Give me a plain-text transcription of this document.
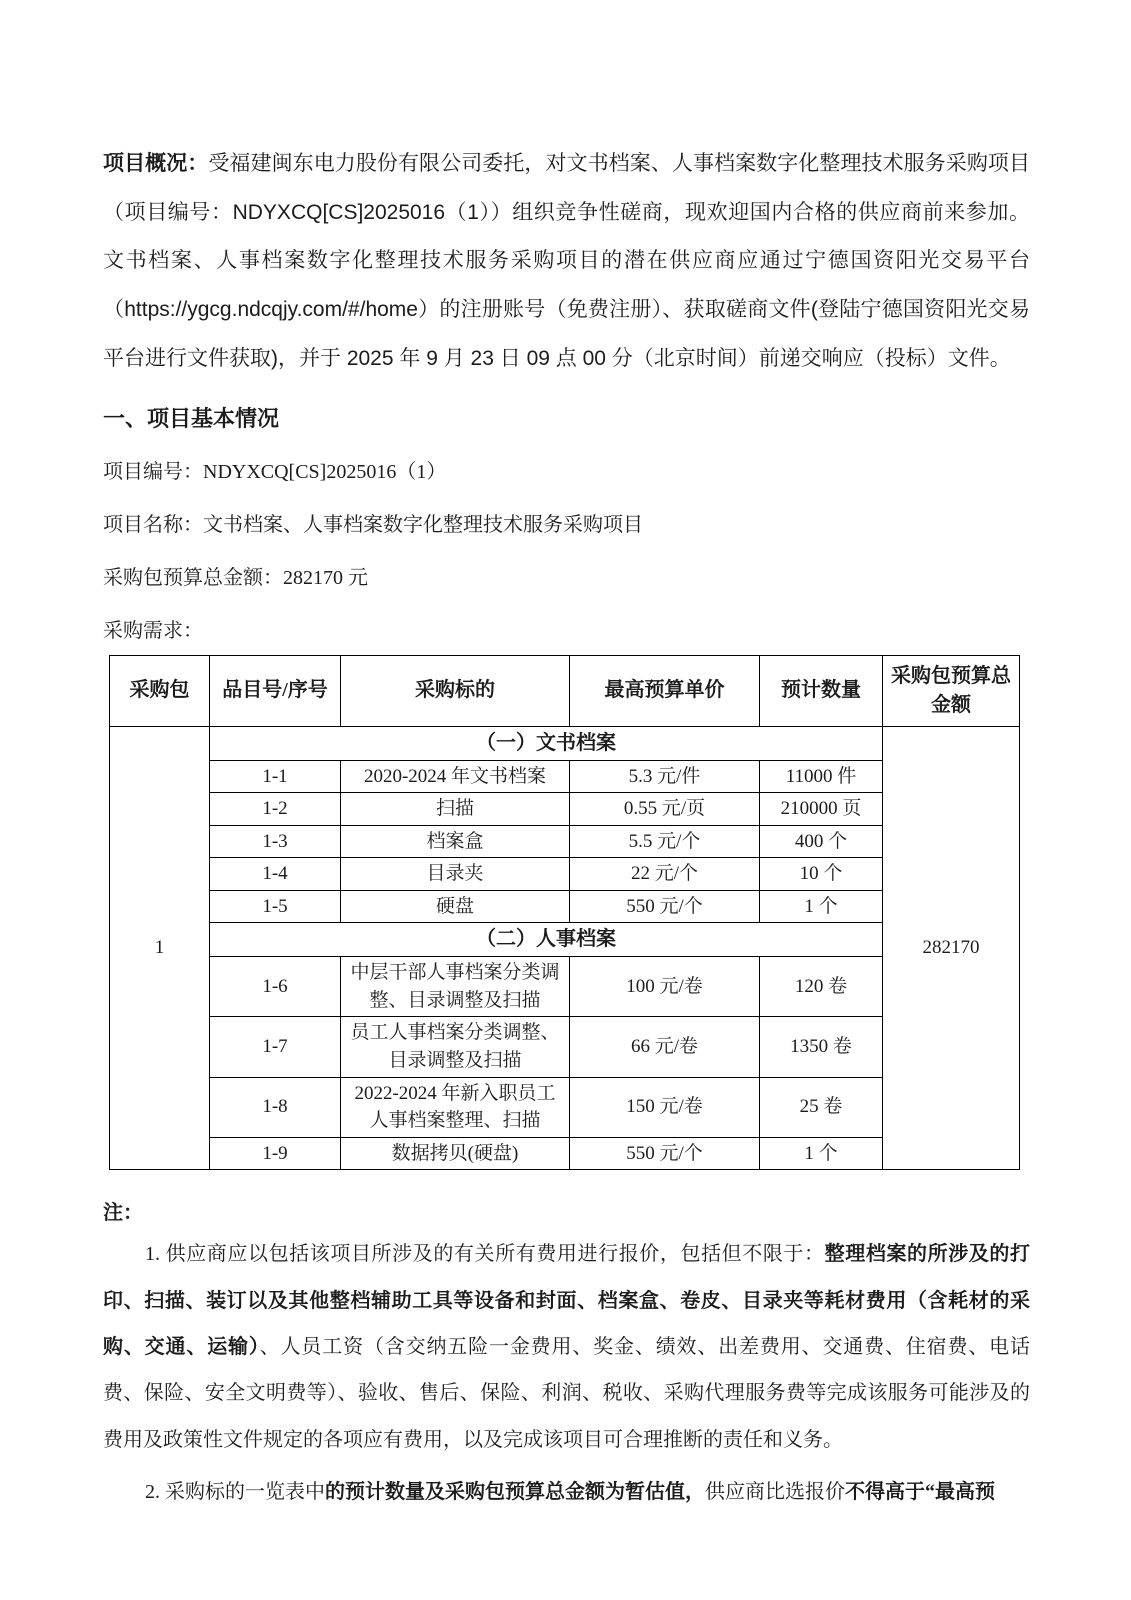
项目概况：受福建闽东电力股份有限公司委托，对文书档案、人事档案数字化整理技术服务采购项目（项目编号：NDYXCQ[CS]2025016（1））组织竞争性磋商，现欢迎国内合格的供应商前来参加。文书档案、人事档案数字化整理技术服务采购项目的潜在供应商应通过宁德国资阳光交易平台 （https://ygcg.ndcqjy.com/#/home）的注册账号（免费注册）、获取磋商文件(登陆宁德国资阳光交易平台进行文件获取)，并于 2025 年 9 月 23 日 09 点 00 分（北京时间）前递交响应（投标）文件。

一、项目基本情况

项目编号：NDYXCQ[CS]2025016（1）

项目名称：文书档案、人事档案数字化整理技术服务采购项目

采购包预算总金额：282170 元

采购需求：

采购包	品目号/序号	采购标的	最高预算单价	预计数量	采购包预算总金额
1	（一）文书档案				282170
	1-1	2020-2024 年文书档案	5.3 元/件	11000 件	
	1-2	扫描	0.55 元/页	210000 页	
	1-3	档案盒	5.5 元/个	400 个	
	1-4	目录夹	22 元/个	10 个	
	1-5	硬盘	550 元/个	1 个	
	（二）人事档案				
	1-6	中层干部人事档案分类调整、目录调整及扫描	100 元/卷	120 卷	
	1-7	员工人事档案分类调整、目录调整及扫描	66 元/卷	1350 卷	
	1-8	2022-2024 年新入职员工人事档案整理、扫描	150 元/卷	25 卷	
	1-9	数据拷贝(硬盘)	550 元/个	1 个	

注：

1. 供应商应以包括该项目所涉及的有关所有费用进行报价，包括但不限于：整理档案的所涉及的打印、扫描、装订以及其他整档辅助工具等设备和封面、档案盒、卷皮、目录夹等耗材费用（含耗材的采购、交通、运输）、人员工资（含交纳五险一金费用、奖金、绩效、出差费用、交通费、住宿费、电话费、保险、安全文明费等）、验收、售后、保险、利润、税收、采购代理服务费等完成该服务可能涉及的费用及政策性文件规定的各项应有费用，以及完成该项目可合理推断的责任和义务。

2. 采购标的一览表中的预计数量及采购包预算总金额为暂估值，供应商比选报价不得高于“最高预
